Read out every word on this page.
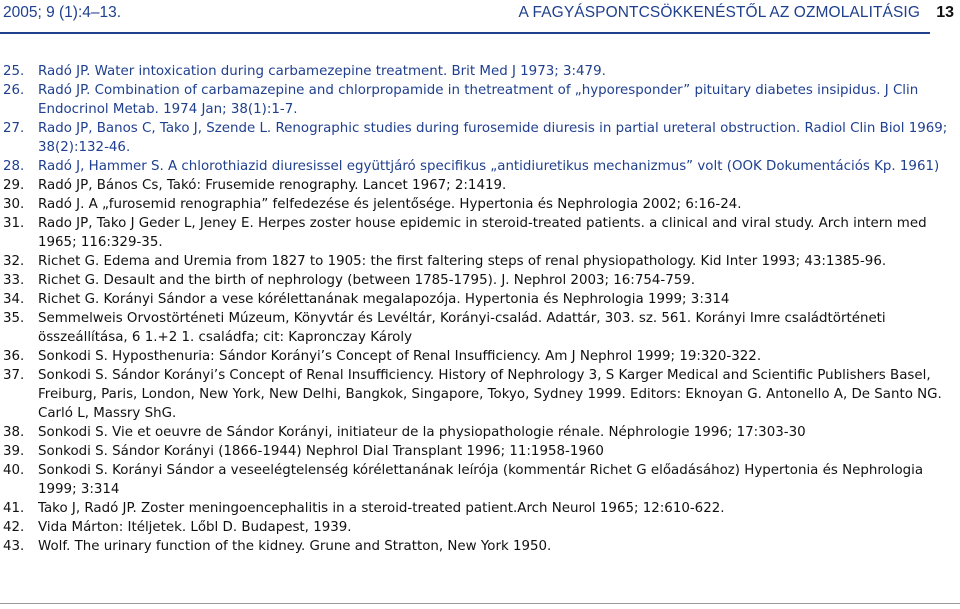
2005; 9 (1):4–13.	A FAGYÁSPONTCSÖKKENÉSTŐL AZ OZMOLALITÁSIG 13
25.	Radó JP. Water intoxication during carbamezepine treatment. Brit Med J 1973; 3:479.
26.	Radó JP. Combination of carbamazepine and chlorpropamide in thetreatment of „hyporesponder” pituitary diabetes insipidus. J Clin Endocrinol Metab. 1974 Jan; 38(1):1-7.
27.	Rado JP, Banos C, Tako J, Szende L. Renographic studies during furosemide diuresis in partial ureteral obstruction. Radiol Clin Biol 1969; 38(2):132-46.
28.	Radó J, Hammer S. A chlorothiazid diuresissel együttjáró specifikus „antidiuretikus mechanizmus” volt (OOK Dokumentációs Kp. 1961)
29.	Radó JP, Bános Cs, Takó: Frusemide renography. Lancet 1967; 2:1419.
30.	Radó J. A „furosemid renographia” felfedezése és jelentősége. Hypertonia és Nephrologia 2002; 6:16-24.
31.	Rado JP, Tako J Geder L, Jeney E. Herpes zoster house epidemic in steroid-treated patients. a clinical and viral study. Arch intern med 1965; 116:329-35.
32.	Richet G. Edema and Uremia from 1827 to 1905: the first faltering steps of renal physiopathology. Kid Inter 1993; 43:1385-96.
33.	Richet G. Desault and the birth of nephrology (between 1785-1795). J. Nephrol 2003; 16:754-759.
34.	Richet G. Korányi Sándor a vese kórélettanának megalapozója. Hypertonia és Nephrologia 1999; 3:314
35.	Semmelweis Orvostörténeti Múzeum, Könyvtár és Levéltár, Korányi-család. Adattár, 303. sz. 561. Korányi Imre családtörténeti összeállítása, 6 1.+2 1. családfa; cit: Kapronczay Károly
36.	Sonkodi S. Hyposthenuria: Sándor Korányi’s Concept of Renal Insufficiency. Am J Nephrol 1999; 19:320-322.
37.	Sonkodi S. Sándor Korányi’s Concept of Renal Insufficiency. History of Nephrology 3, S Karger Medical and Scientific Publishers Basel, Freiburg, Paris, London, New York, New Delhi, Bangkok, Singapore, Tokyo, Sydney 1999. Editors: Eknoyan G. Antonello A, De Santo NG. Carló L, Massry ShG.
38.	Sonkodi S. Vie et oeuvre de Sándor Korányi, initiateur de la physiopathologie rénale. Néphrologie 1996; 17:303-30
39.	Sonkodi S. Sándor Korányi (1866-1944) Nephrol Dial Transplant 1996; 11:1958-1960
40.	Sonkodi S. Korányi Sándor a veseelégtelenség kórélettanának leírója (kommentár Richet G előadásához) Hypertonia és Nephrologia 1999; 3:314
41.	Tako J, Radó JP. Zoster meningoencephalitis in a steroid-treated patient.Arch Neurol 1965; 12:610-622.
42.	Vida Márton: Itéljetek. Lőbl D. Budapest, 1939.
43.	Wolf. The urinary function of the kidney. Grune and Stratton, New York 1950.
